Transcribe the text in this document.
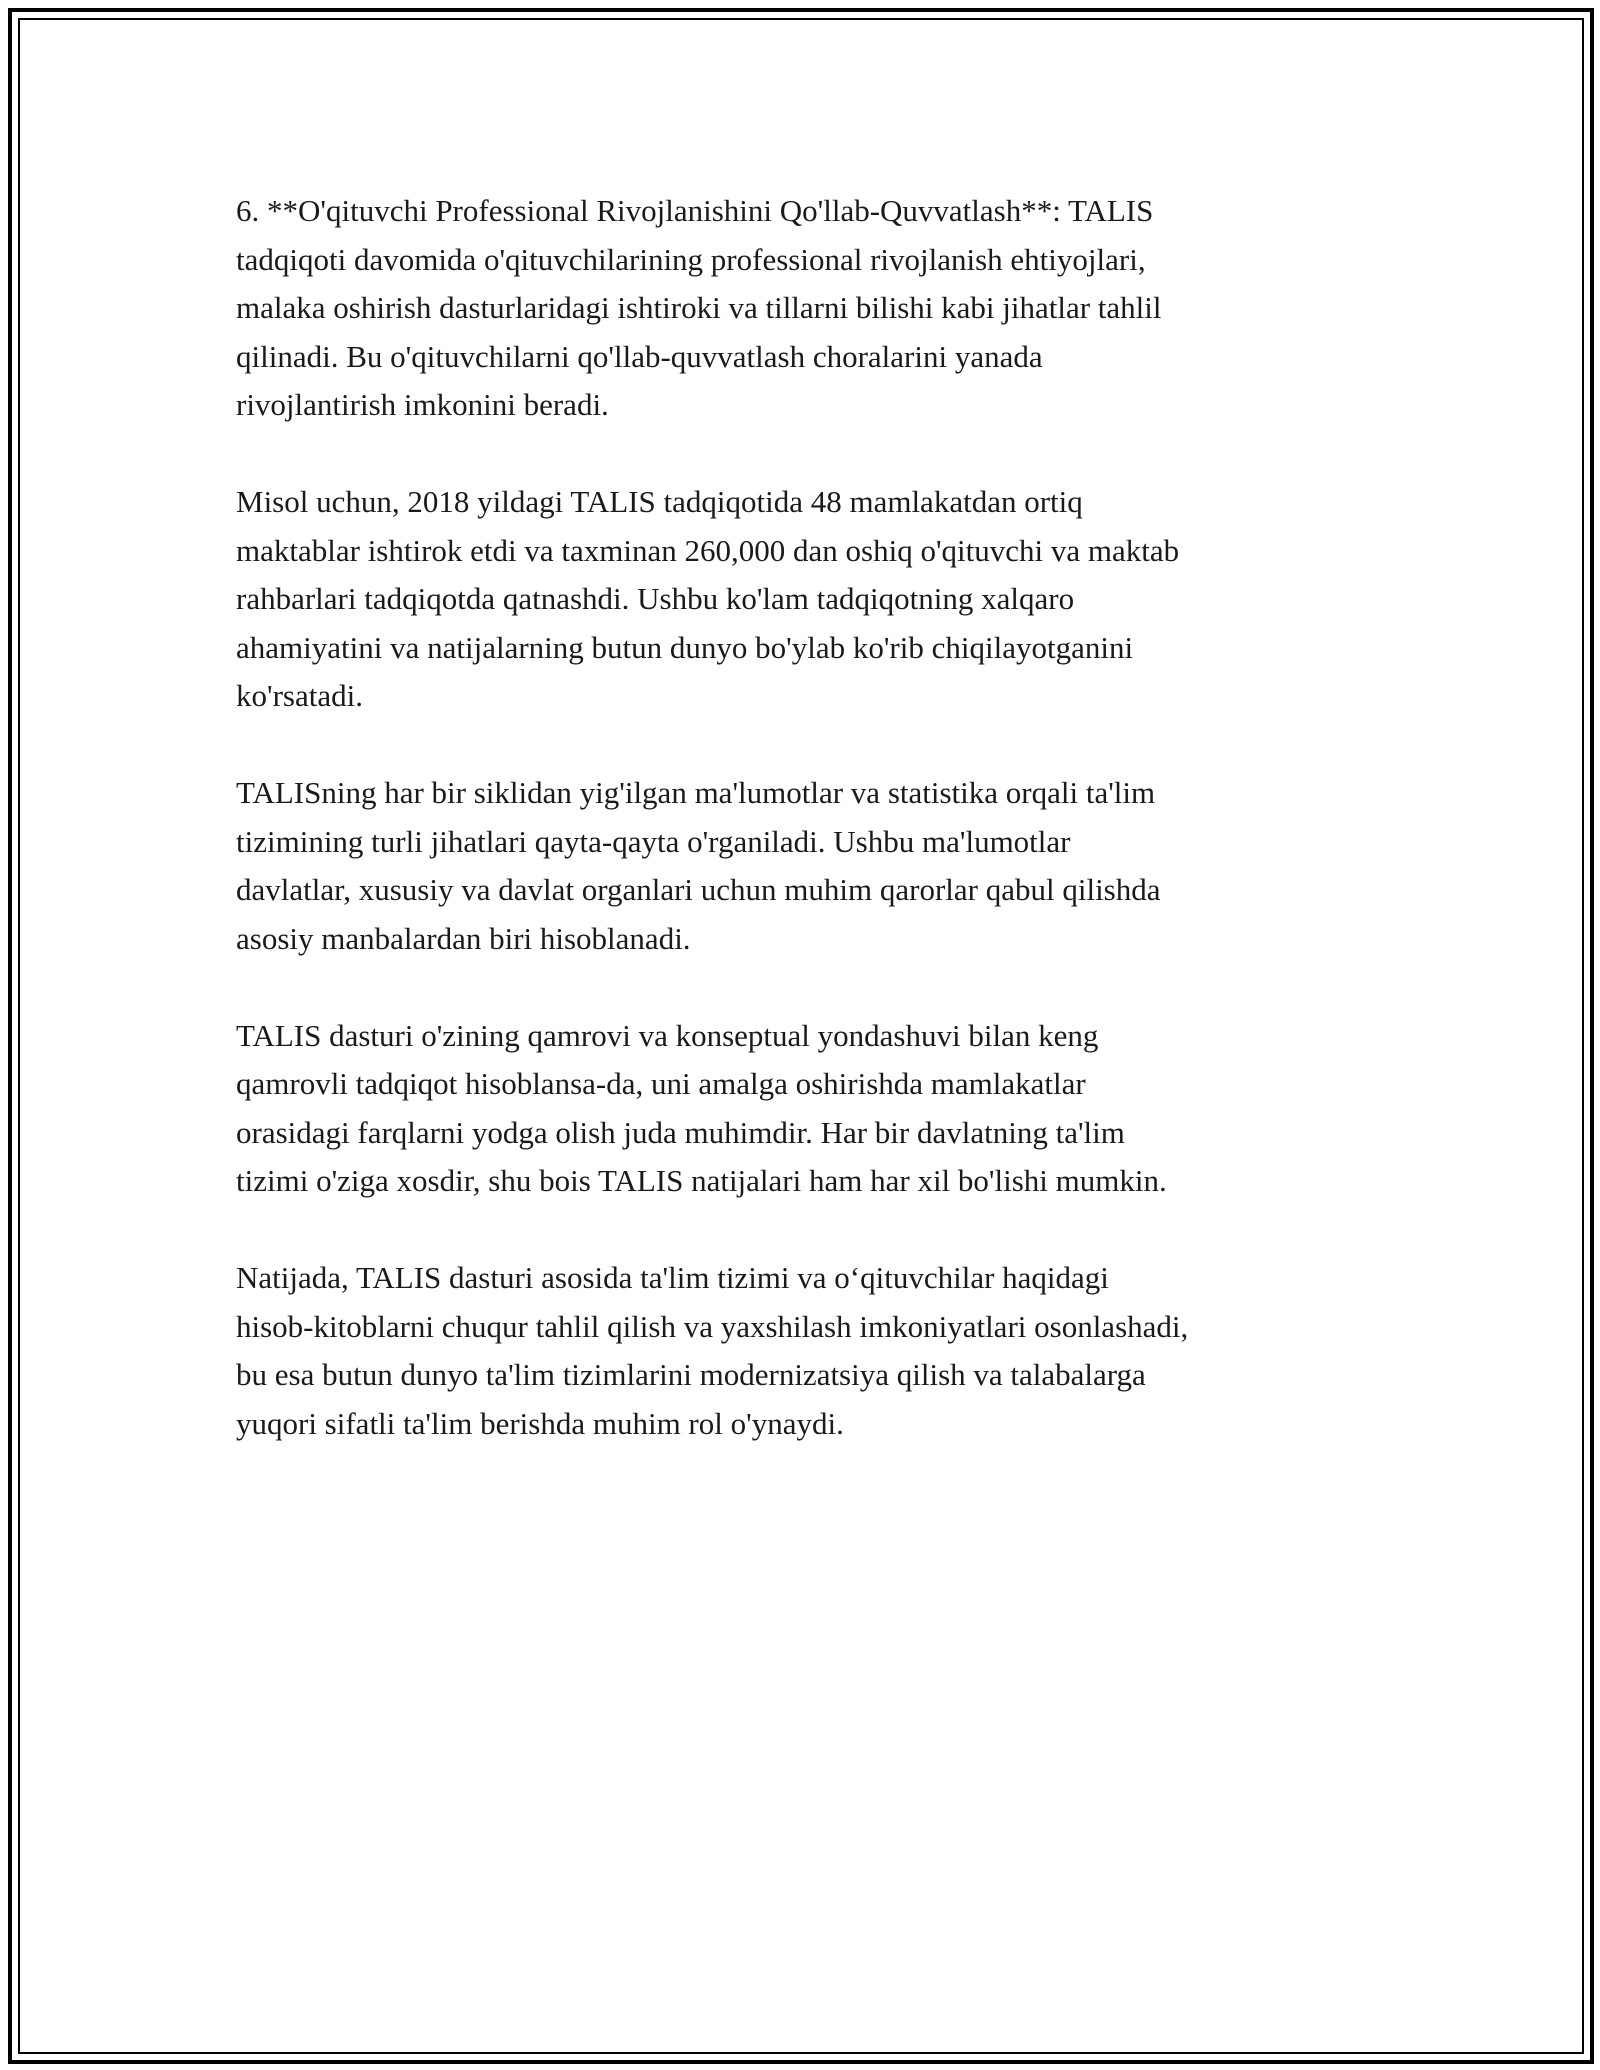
6. **O'qituvchi Professional Rivojlanishini Qo'llab-Quvvatlash**: TALIS
tadqiqoti davomida o'qituvchilarining professional rivojlanish ehtiyojlari,
malaka oshirish dasturlaridagi ishtiroki va tillarni bilishi kabi jihatlar tahlil
qilinadi. Bu o'qituvchilarni qo'llab-quvvatlash choralarini yanada
rivojlantirish imkonini beradi.

Misol uchun, 2018 yildagi TALIS tadqiqotida 48 mamlakatdan ortiq
maktablar ishtirok etdi va taxminan 260,000 dan oshiq o'qituvchi va maktab
rahbarlari tadqiqotda qatnashdi. Ushbu ko'lam tadqiqotning xalqaro
ahamiyatini va natijalarning butun dunyo bo'ylab ko'rib chiqilayotganini
ko'rsatadi.

TALISning har bir siklidan yig'ilgan ma'lumotlar va statistika orqali ta'lim
tizimining turli jihatlari qayta-qayta o'rganiladi. Ushbu ma'lumotlar
davlatlar, xususiy va davlat organlari uchun muhim qarorlar qabul qilishda
asosiy manbalardan biri hisoblanadi.

TALIS dasturi o'zining qamrovi va konseptual yondashuvi bilan keng
qamrovli tadqiqot hisoblansa-da, uni amalga oshirishda mamlakatlar
orasidagi farqlarni yodga olish juda muhimdir. Har bir davlatning ta'lim
tizimi o'ziga xosdir, shu bois TALIS natijalari ham har xil bo'lishi mumkin.

Natijada, TALIS dasturi asosida ta'lim tizimi va o‘qituvchilar haqidagi
hisob-kitoblarni chuqur tahlil qilish va yaxshilash imkoniyatlari osonlashadi,
bu esa butun dunyo ta'lim tizimlarini modernizatsiya qilish va talabalarga
yuqori sifatli ta'lim berishda muhim rol o'ynaydi.
